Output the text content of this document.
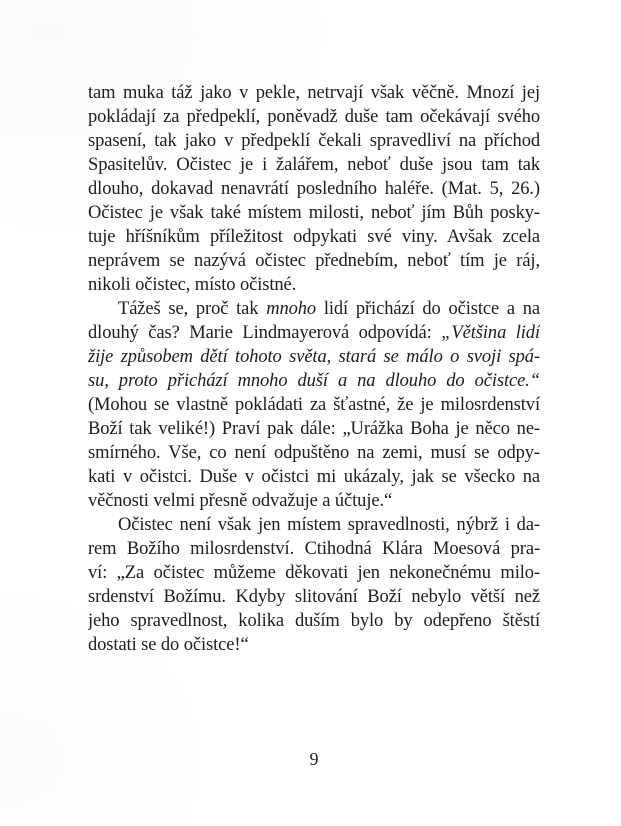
tam muka táž jako v pekle, netrvají však věčně. Mnozí jej
pokládají za předpeklí, poněvadž duše tam očekávají svého
spasení, tak jako v předpeklí čekali spravedliví na příchod
Spasitelův. Očistec je i žalářem, neboť duše jsou tam tak
dlouho, dokavad nenavrátí posledního haléře. (Mat. 5, 26.)
Očistec je však také místem milosti, neboť jím Bůh posky-
tuje hříšníkům příležitost odpykati své viny. Avšak zcela
neprávem se nazývá očistec přednebím, neboť tím je ráj,
nikoli očistec, místo očistné.
Tážeš se, proč tak mnoho lidí přichází do očistce a na
dlouhý čas? Marie Lindmayerová odpovídá: „Většina lidí
žije způsobem dětí tohoto světa, stará se málo o svoji spá-
su, proto přichází mnoho duší a na dlouho do očistce.“
(Mohou se vlastně pokládati za šťastné, že je milosrdenství
Boží tak veliké!) Praví pak dále: „Urážka Boha je něco ne-
smírného. Vše, co není odpuštěno na zemi, musí se odpy-
kati v očistci. Duše v očistci mi ukázaly, jak se všecko na
věčnosti velmi přesně odvažuje a účtuje.“
Očistec není však jen místem spravedlnosti, nýbrž i da-
rem Božího milosrdenství. Ctihodná Klára Moesová pra-
ví: „Za očistec můžeme děkovati jen nekonečnému milo-
srdenství Božímu. Kdyby slitování Boží nebylo větší než
jeho spravedlnost, kolika duším bylo by odepřeno štěstí
dostati se do očistce!“
9
